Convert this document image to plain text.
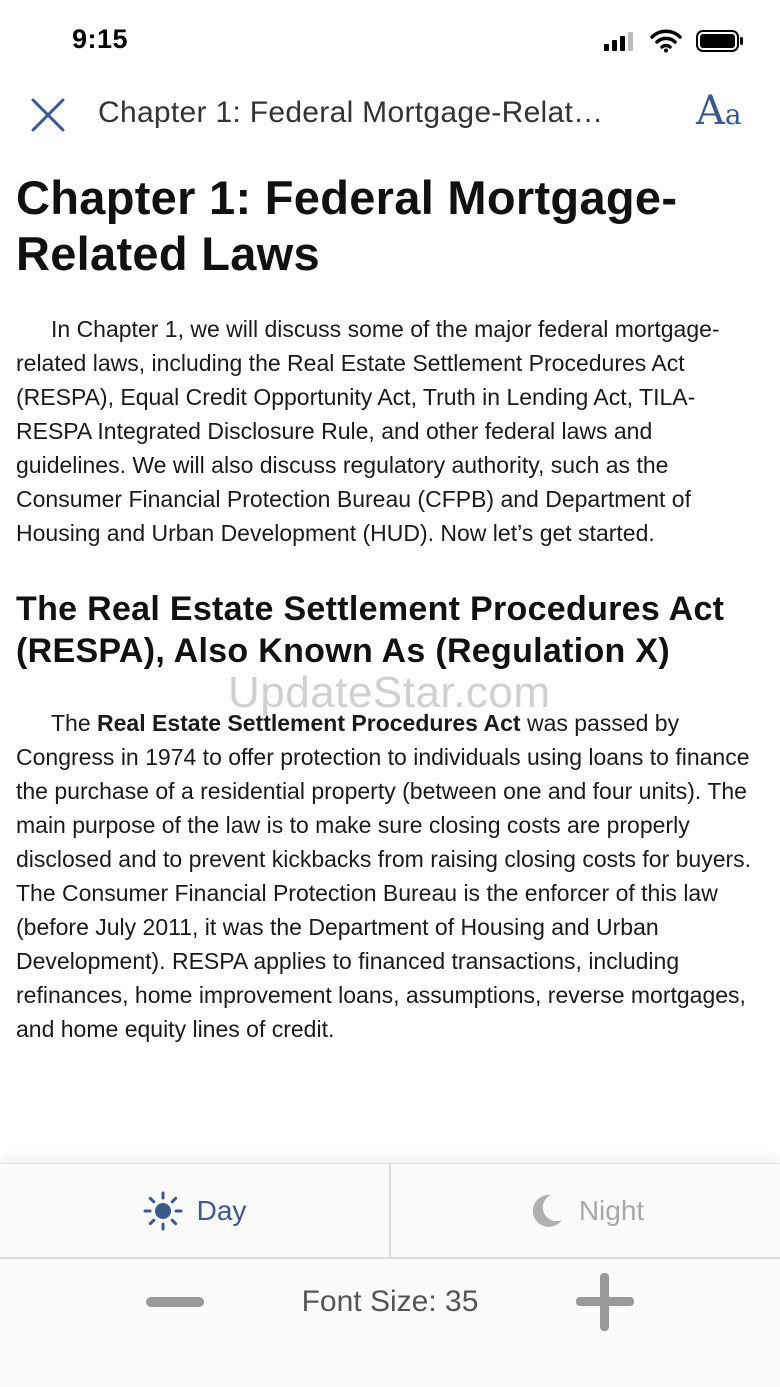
9:15
Chapter 1: Federal Mortgage-Relat…	Aa
Chapter 1: Federal Mortgage-Related Laws

In Chapter 1, we will discuss some of the major federal mortgage-related laws, including the Real Estate Settlement Procedures Act (RESPA), Equal Credit Opportunity Act, Truth in Lending Act, TILA-RESPA Integrated Disclosure Rule, and other federal laws and guidelines. We will also discuss regulatory authority, such as the Consumer Financial Protection Bureau (CFPB) and Department of Housing and Urban Development (HUD). Now let’s get started.

The Real Estate Settlement Procedures Act (RESPA), Also Known As (Regulation X)

The Real Estate Settlement Procedures Act was passed by Congress in 1974 to offer protection to individuals using loans to finance the purchase of a residential property (between one and four units). The main purpose of the law is to make sure closing costs are properly disclosed and to prevent kickbacks from raising closing costs for buyers. The Consumer Financial Protection Bureau is the enforcer of this law (before July 2011, it was the Department of Housing and Urban Development). RESPA applies to financed transactions, including refinances, home improvement loans, assumptions, reverse mortgages, and home equity lines of credit.

UpdateStar.com
Day	Night
Font Size: 35
